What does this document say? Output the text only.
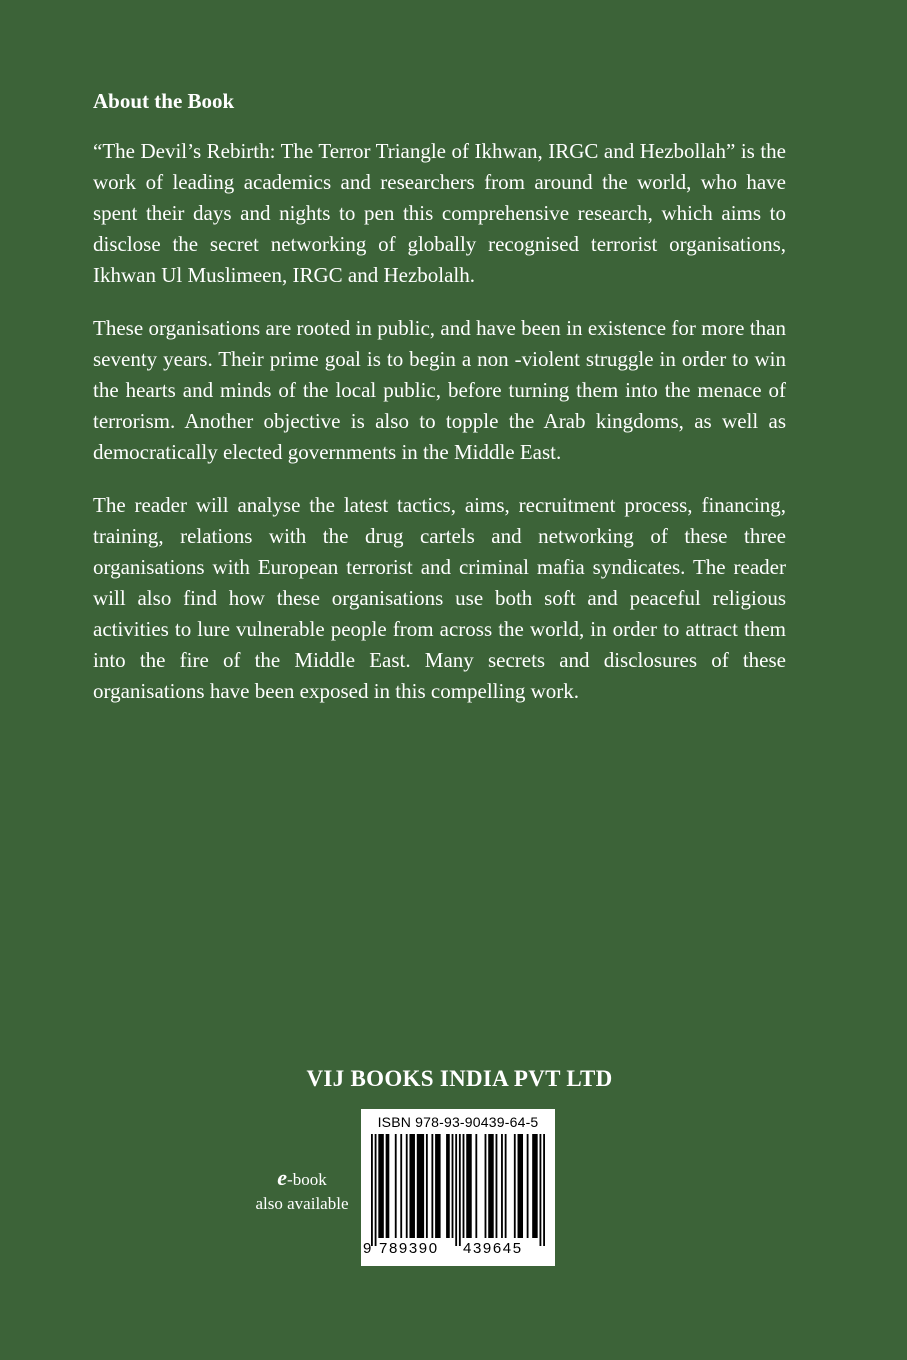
About the Book

“The Devil’s Rebirth: The Terror Triangle of Ikhwan, IRGC and Hezbollah” is the work of leading academics and researchers from around the world, who have spent their days and nights to pen this comprehensive research, which aims to disclose the secret networking of globally recognised terrorist organisations, Ikhwan Ul Muslimeen, IRGC and Hezbolalh.

These organisations are rooted in public, and have been in existence for more than seventy years. Their prime goal is to begin a non -violent struggle in order to win the hearts and minds of the local public, before turning them into the menace of terrorism. Another objective is also to topple the Arab kingdoms, as well as democratically elected governments in the Middle East.

The reader will analyse the latest tactics, aims, recruitment process, financing, training, relations with the drug cartels and networking of these three organisations with European terrorist and criminal mafia syndicates. The reader will also find how these organisations use both soft and peaceful religious activities to lure vulnerable people from across the world, in order to attract them into the fire of the Middle East. Many secrets and disclosures of these organisations have been exposed in this compelling work.

VIJ BOOKS INDIA PVT LTD
e-book
also available
ISBN 978-93-90439-64-5
9 789390 439645
